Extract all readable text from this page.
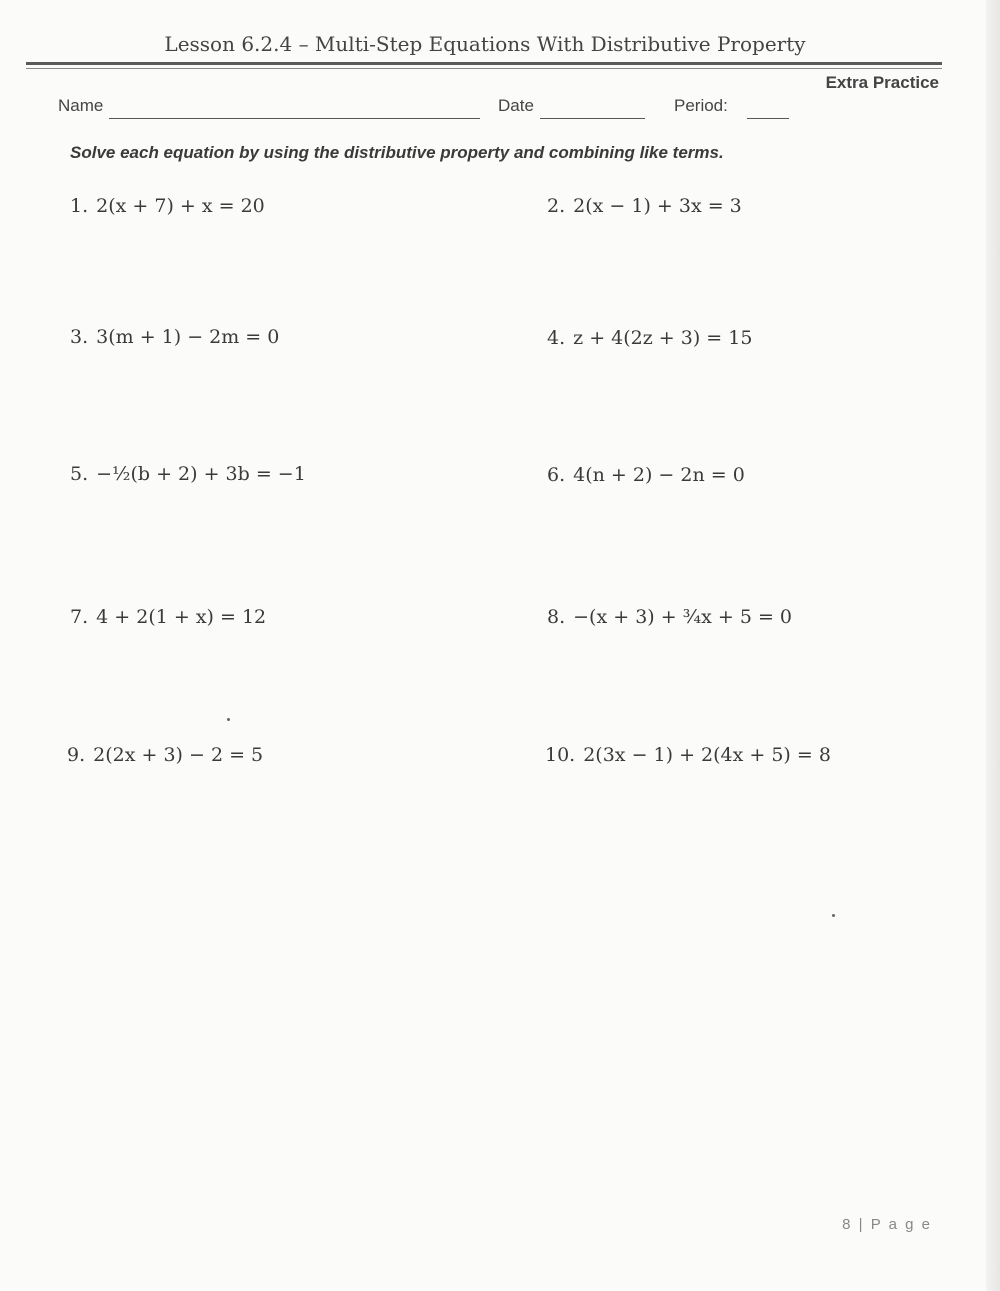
Lesson 6.2.4 – Multi-Step Equations With Distributive Property
Extra Practice
Name	Date	Period:
Solve each equation by using the distributive property and combining like terms.
1. 2(x + 7) + x = 20	2. 2(x − 1) + 3x = 3
3. 3(m + 1) − 2m = 0	4. z + 4(2z + 3) = 15
5. −½(b + 2) + 3b = −1	6. 4(n + 2) − 2n = 0
7. 4 + 2(1 + x) = 12	8. −(x + 3) + ¾x + 5 = 0
9. 2(2x + 3) − 2 = 5	10. 2(3x − 1) + 2(4x + 5) = 8
8 | P a g e
